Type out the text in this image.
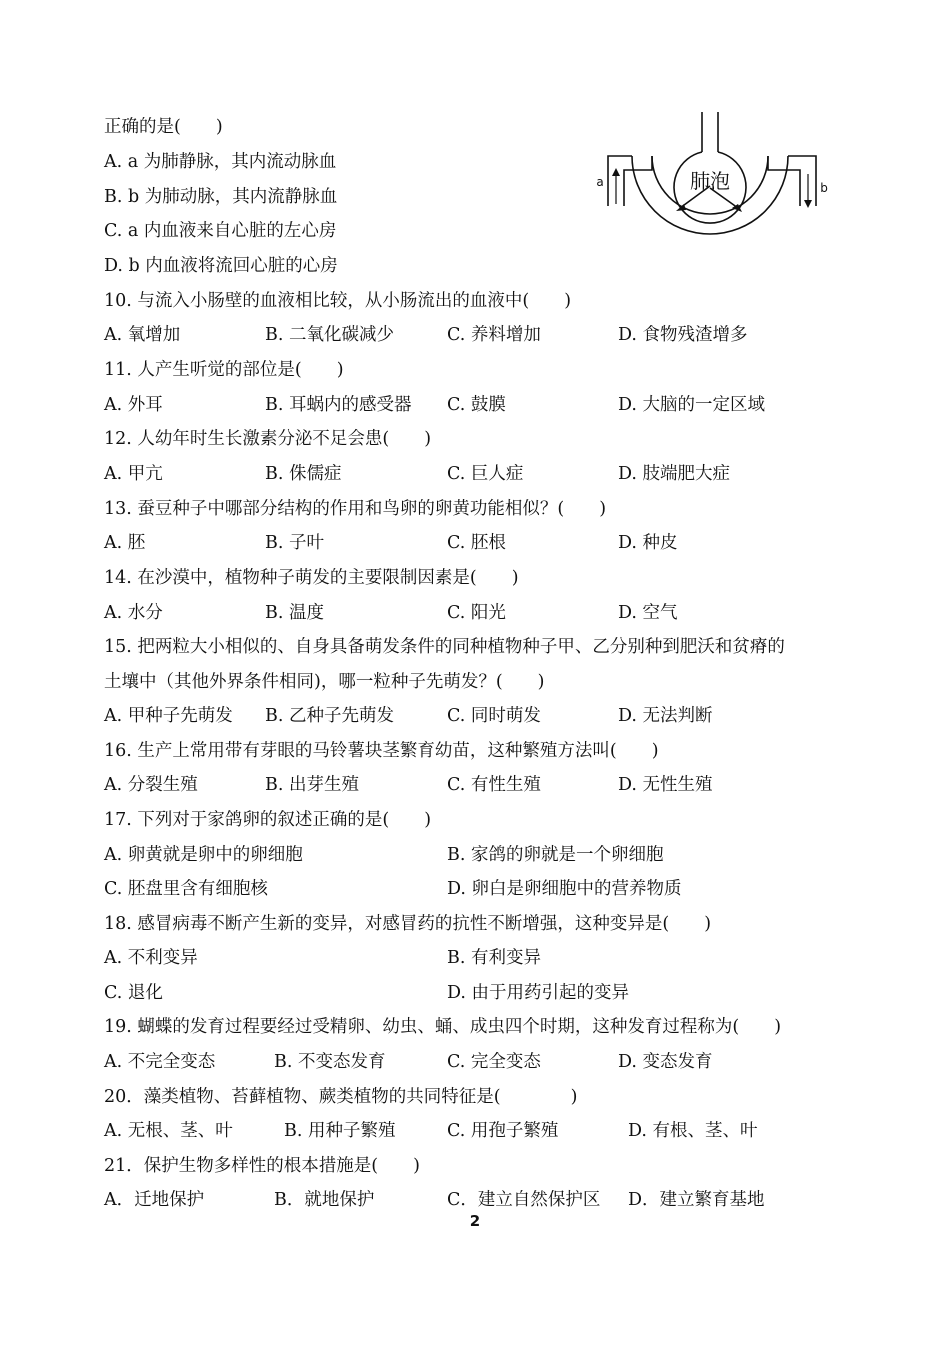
正确的是(　　)
A. a 为肺静脉，其内流动脉血
B. b 为肺动脉，其内流静脉血
C. a 内血液来自心脏的左心房
D. b 内血液将流回心脏的心房
肺泡
a	b
10. 与流入小肠壁的血液相比较，从小肠流出的血液中(　　)
A. 氧增加	B. 二氧化碳减少	C. 养料增加	D. 食物残渣增多
11. 人产生听觉的部位是(　　)
A. 外耳	B. 耳蜗内的感受器 C. 鼓膜	D. 大脑的一定区域
12. 人幼年时生长激素分泌不足会患(　　)
A. 甲亢	B. 侏儒症	C. 巨人症	D. 肢端肥大症
13. 蚕豆种子中哪部分结构的作用和鸟卵的卵黄功能相似？(　　)
A. 胚	B. 子叶	C. 胚根	D. 种皮
14. 在沙漠中，植物种子萌发的主要限制因素是(　　)
A. 水分	B. 温度	C. 阳光	D. 空气
15. 把两粒大小相似的、自身具备萌发条件的同种植物种子甲、乙分别种到肥沃和贫瘠的
土壤中（其他外界条件相同)，哪一粒种子先萌发？(　　)
A. 甲种子先萌发 B. 乙种子先萌发	C. 同时萌发	D. 无法判断
16. 生产上常用带有芽眼的马铃薯块茎繁育幼苗，这种繁殖方法叫(　　)
A. 分裂生殖	B. 出芽生殖	C. 有性生殖	D. 无性生殖
17. 下列对于家鸽卵的叙述正确的是(　　)
A. 卵黄就是卵中的卵细胞	B. 家鸽的卵就是一个卵细胞
C. 胚盘里含有细胞核	D. 卵白是卵细胞中的营养物质
18. 感冒病毒不断产生新的变异，对感冒药的抗性不断增强，这种变异是(　　)
A. 不利变异	B. 有利变异
C. 退化	D. 由于用药引起的变异
19. 蝴蝶的发育过程要经过受精卵、幼虫、蛹、成虫四个时期，这种发育过程称为(　　)
A. 不完全变态	B. 不变态发育	C. 完全变态	D. 变态发育
20．藻类植物、苔藓植物、蕨类植物的共同特征是(　　　　)
A. 无根、茎、叶	B. 用种子繁殖	C. 用孢子繁殖	D. 有根、茎、叶
21．保护生物多样性的根本措施是(　　)
A．迁地保护	B．就地保护	C．建立自然保护区 D．建立繁育基地
2
